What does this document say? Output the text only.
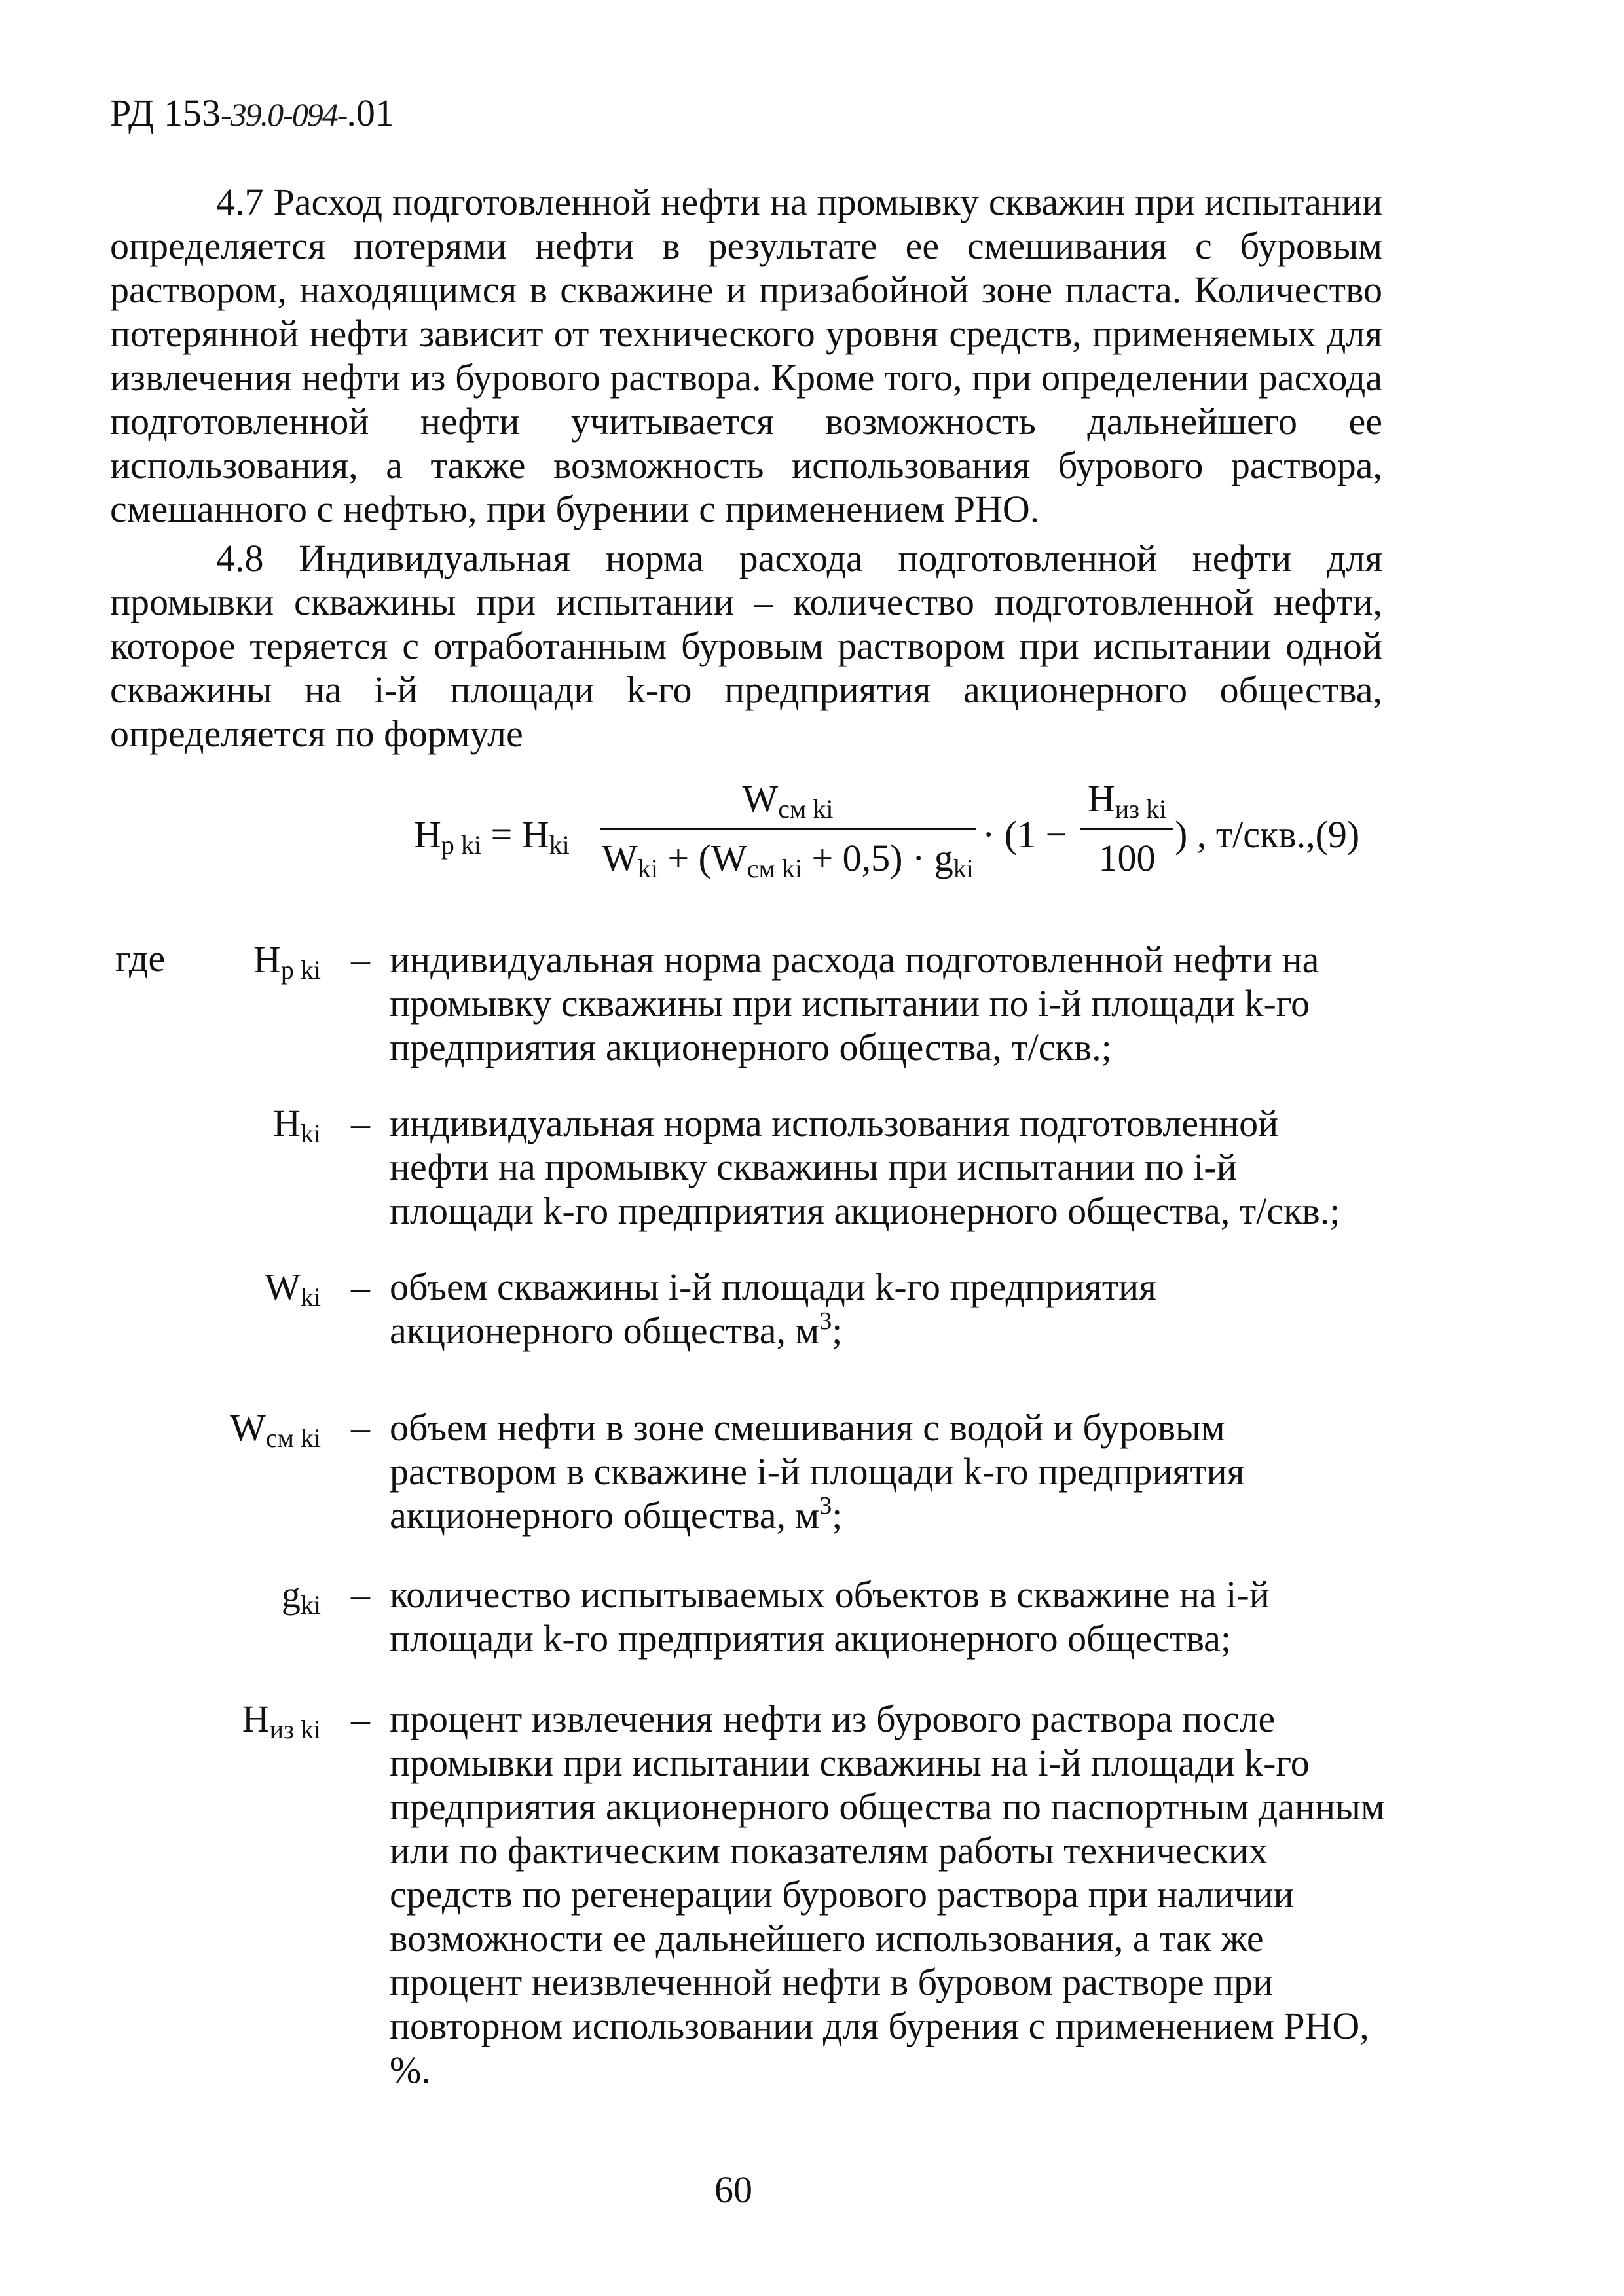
РД 153-39.0-094-.01

4.7 Расход подготовленной нефти на промывку скважин при испытании определяется потерями нефти в результате ее смешивания с буровым раствором, находящимся в скважине и призабойной зоне пласта. Количество потерянной нефти зависит от технического уровня средств, применяемых для извлечения нефти из бурового раствора. Кроме того, при определении расхода подготовленной нефти учитывается возможность дальнейшего ее использования, а также возможность использования бурового раствора, смешанного с нефтью, при бурении с применением РНО.

4.8 Индивидуальная норма расхода подготовленной нефти для промывки скважины при испытании – количество подготовленной нефти, которое теряется с отработанным буровым раствором при испытании одной скважины на i-й площади k-го предприятия акционерного общества, определяется по формуле

$H_{p ki} = H_{ki}$
$W_{см ki}$
$W_{ki} + (W_{см ki} + 0,5) \cdot g_{ki}$
· (1 −
$H_{из ki}$
100
) , т/скв.,(9)
где	$H_{p ki}$ – индивидуальная норма расхода подготовленной нефти на промывку скважины при испытании по i-й площади k-го предприятия акционерного общества, т/скв.;
$H_{ki}$ – индивидуальная норма использования подготовленной нефти на промывку скважины при испытании по i-й площади k-го предприятия акционерного общества, т/скв.;
$W_{ki}$ – объем скважины i-й площади k-го предприятия акционерного общества, $м^3$;
$W_{см ki}$ – объем нефти в зоне смешивания с водой и буровым раствором в скважине i-й площади k-го предприятия акционерного общества, $м^3$;
$g_{ki}$ – количество испытываемых объектов в скважине на i-й площади k-го предприятия акционерного общества;
$H_{из ki}$ – процент извлечения нефти из бурового раствора после промывки при испытании скважины на i-й площади k-го предприятия акционерного общества по паспортным данным или по фактическим показателям работы технических средств по регенерации бурового раствора при наличии возможности ее дальнейшего использования, а так же процент неизвлеченной нефти в буровом растворе при повторном использовании для бурения с применением РНО, %.
60
